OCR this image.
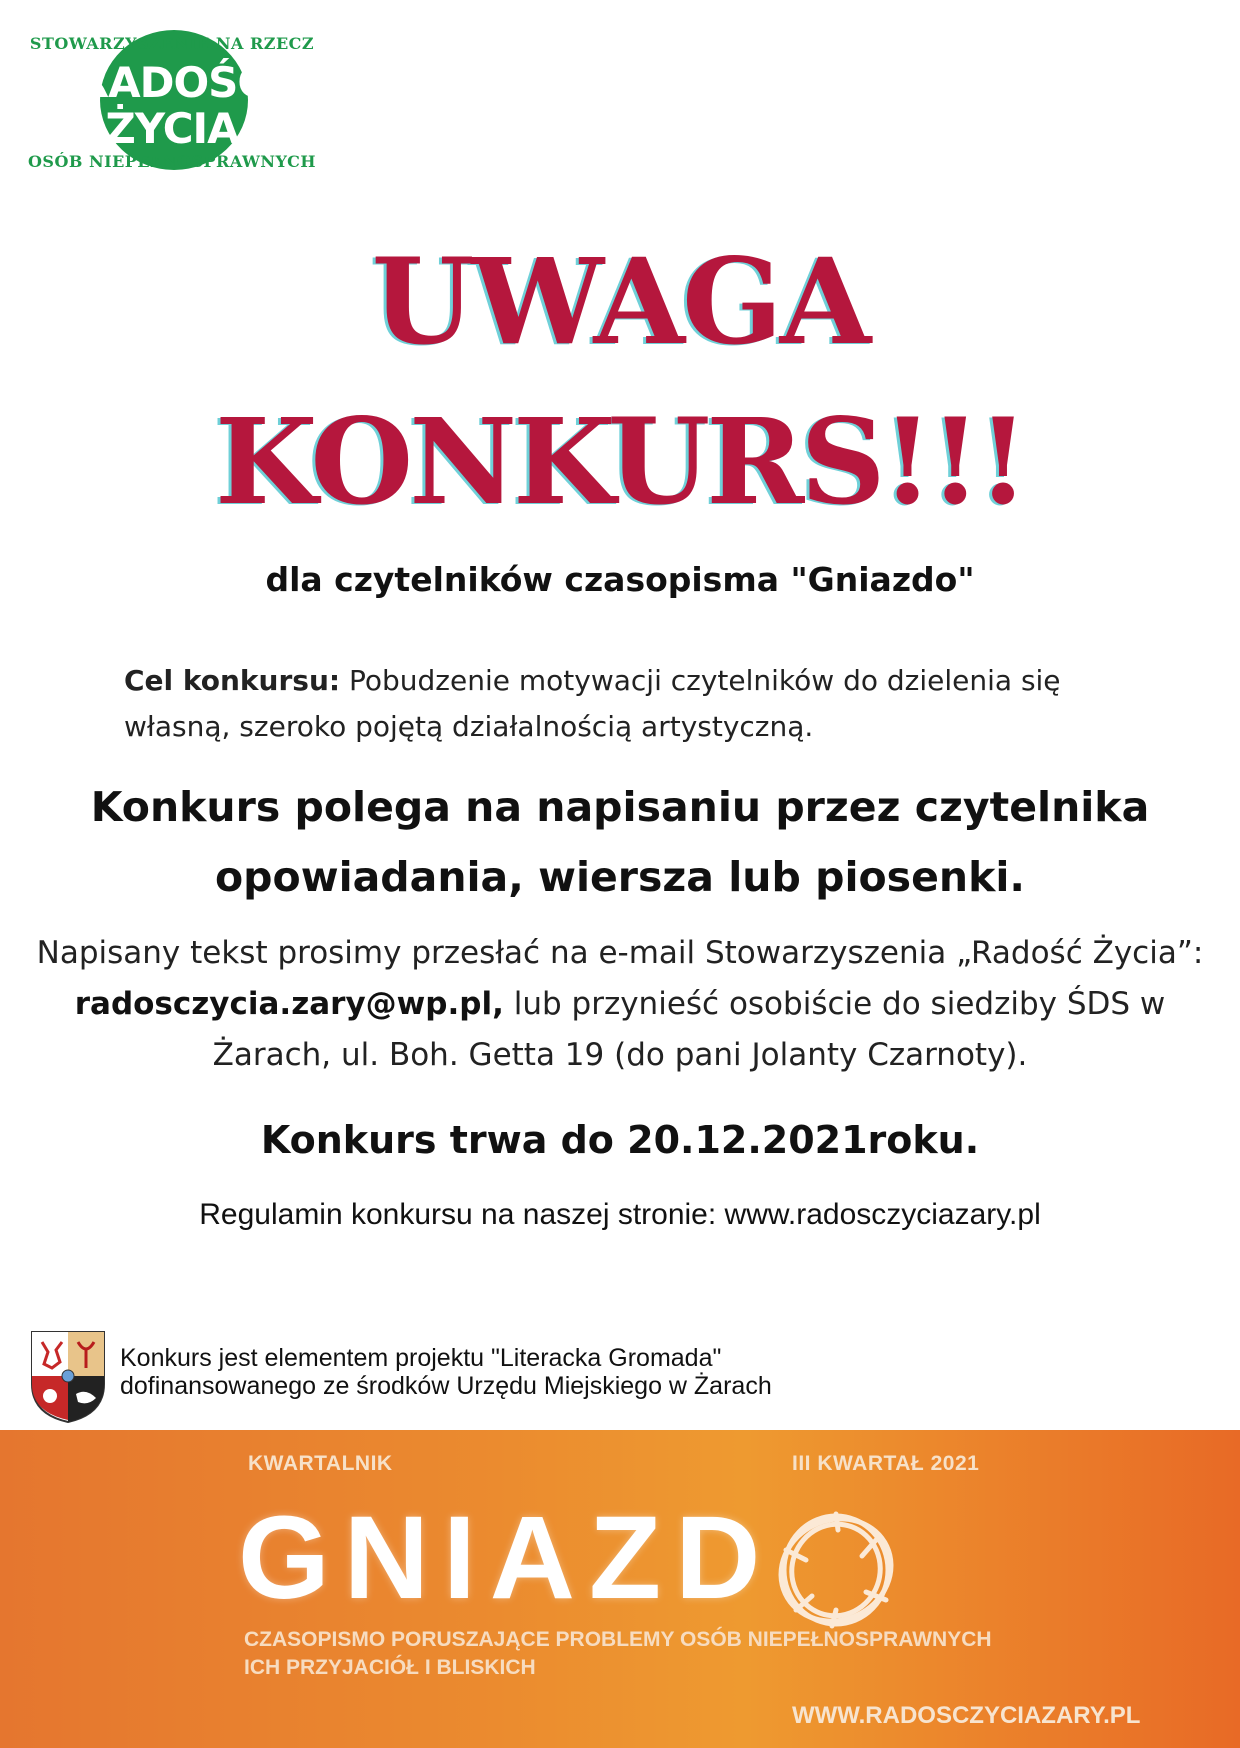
STOWARZYSZENIE NA RZECZ
RADOŚĆ
ŻYCIA
OSÓB NIEPEŁNOSPRAWNYCH
UWAGA
KONKURS!!!
dla czytelników czasopisma "Gniazdo"
Cel konkursu: Pobudzenie motywacji czytelników do dzielenia się własną, szeroko pojętą działalnością artystyczną.
Konkurs polega na napisaniu przez czytelnika opowiadania, wiersza lub piosenki.
Napisany tekst prosimy przesłać na e-mail Stowarzyszenia „Radość Życia”: radosczycia.zary@wp.pl, lub przynieść osobiście do siedziby ŚDS w Żarach, ul. Boh. Getta 19 (do pani Jolanty Czarnoty).
Konkurs trwa do 20.12.2021roku.
Regulamin konkursu na naszej stronie: www.radosczyciazary.pl
Konkurs jest elementem projektu "Literacka Gromada"
dofinansowanego ze środków Urzędu Miejskiego w Żarach
KWARTALNIK	III KWARTAŁ 2021
GNIAZD
CZASOPISMO PORUSZAJĄCE PROBLEMY OSÓB NIEPEŁNOSPRAWNYCH
ICH PRZYJACIÓŁ I BLISKICH
WWW.RADOSCZYCIAZARY.PL
